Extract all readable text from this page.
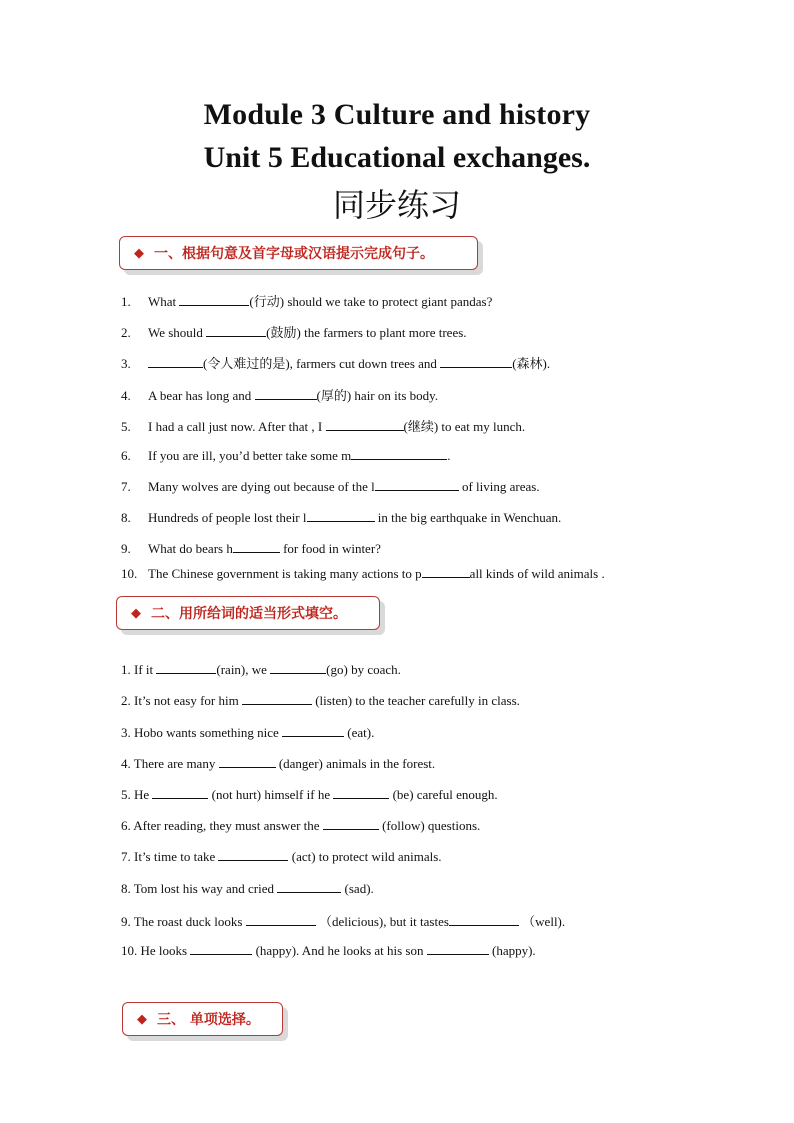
Module 3 Culture and history
Unit 5 Educational exchanges.
同步练习
◆ 一、根据句意及首字母或汉语提示完成句子。

1. What	(行动) should we take to protect giant pandas?

2. We should	(鼓励) the farmers to plant more trees.

3.	(令人难过的是), farmers cut down trees and	(森林).

4. A bear has long and	(厚的) hair on its body.

5. I had a call just now. After that , I	(继续) to eat my lunch.

6. If you are ill, you’d better take some m	.

7. Many wolves are dying out because of the l	of living areas.

8. Hundreds of people lost their l	in the big earthquake in Wenchuan.

9. What do bears h	for food in winter?

10. The Chinese government is taking many actions to p	all kinds of wild animals .

◆ 二、用所给词的适当形式填空。

1. If it	(rain), we	(go) by coach.

2. It’s not easy for him	(listen) to the teacher carefully in class.

3. Hobo wants something nice	(eat).

4. There are many	(danger) animals in the forest.

5. He	(not hurt) himself if he	(be) careful enough.

6. After reading, they must answer the	(follow) questions.

7. It’s time to take	(act) to protect wild animals.

8. Tom lost his way and cried	(sad).

9. The roast duck looks	（delicious), but it tastes	（well).

10. He looks	(happy). And he looks at his son	(happy).

◆ 三、 单项选择。
